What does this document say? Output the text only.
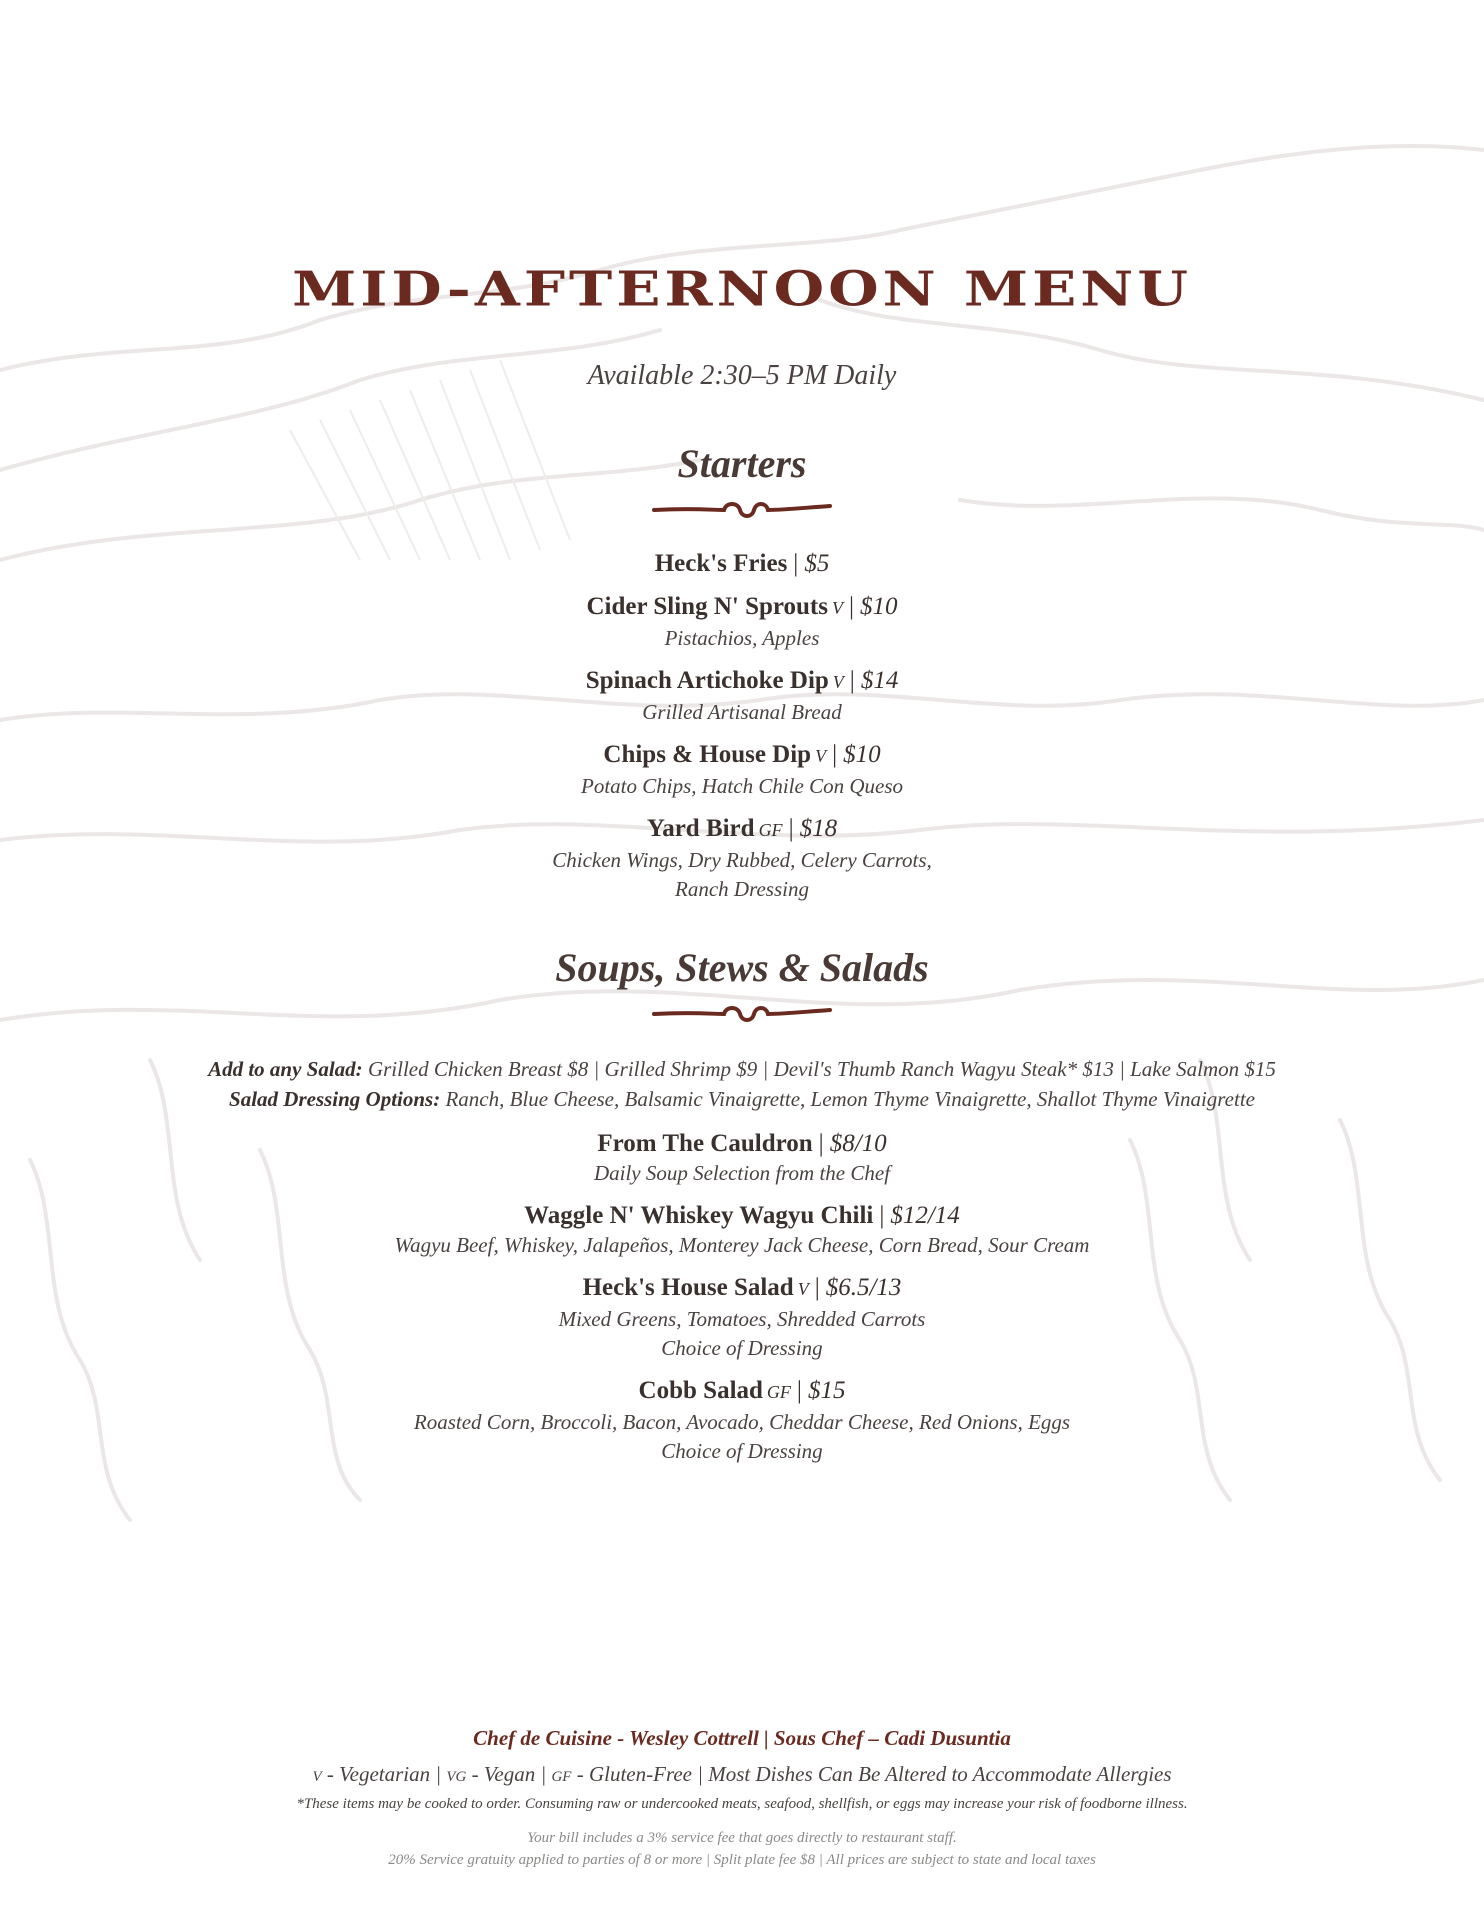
MID-AFTERNOON MENU
Available 2:30–5 PM Daily
Starters
Heck's Fries | $5
Cider Sling N' Sprouts V | $10
Pistachios, Apples
Spinach Artichoke Dip V | $14
Grilled Artisanal Bread
Chips & House Dip V | $10
Potato Chips, Hatch Chile Con Queso
Yard Bird GF | $18
Chicken Wings, Dry Rubbed, Celery Carrots,
Ranch Dressing
Soups, Stews & Salads
Add to any Salad: Grilled Chicken Breast $8 | Grilled Shrimp $9 | Devil's Thumb Ranch Wagyu Steak* $13 | Lake Salmon $15
Salad Dressing Options: Ranch, Blue Cheese, Balsamic Vinaigrette, Lemon Thyme Vinaigrette, Shallot Thyme Vinaigrette
From The Cauldron | $8/10
Daily Soup Selection from the Chef
Waggle N' Whiskey Wagyu Chili | $12/14
Wagyu Beef, Whiskey, Jalapeños, Monterey Jack Cheese, Corn Bread, Sour Cream
Heck's House Salad V | $6.5/13
Mixed Greens, Tomatoes, Shredded Carrots
Choice of Dressing
Cobb Salad GF | $15
Roasted Corn, Broccoli, Bacon, Avocado, Cheddar Cheese, Red Onions, Eggs
Choice of Dressing
Chef de Cuisine - Wesley Cottrell | Sous Chef – Cadi Dusuntia
V - Vegetarian | VG - Vegan | GF - Gluten-Free | Most Dishes Can Be Altered to Accommodate Allergies
*These items may be cooked to order. Consuming raw or undercooked meats, seafood, shellfish, or eggs may increase your risk of foodborne illness.
Your bill includes a 3% service fee that goes directly to restaurant staff.
20% Service gratuity applied to parties of 8 or more | Split plate fee $8 | All prices are subject to state and local taxes
